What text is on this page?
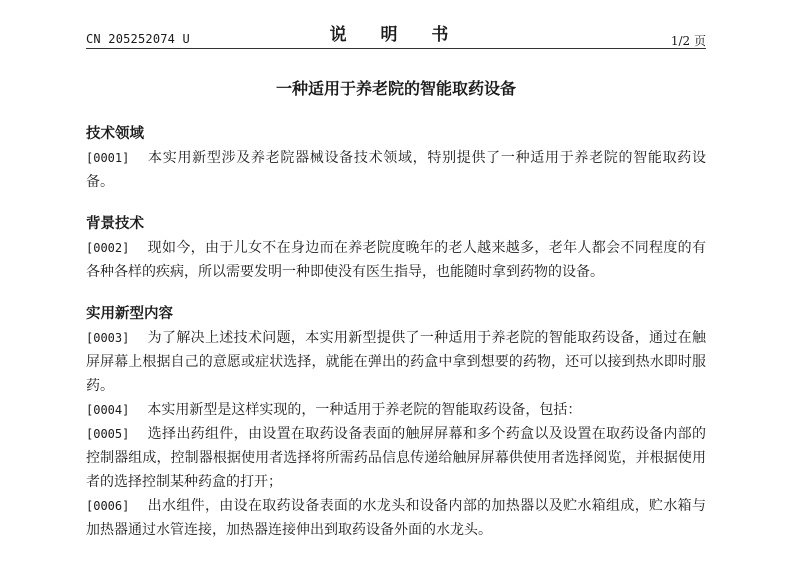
CN 205252074 U	说 明 书	1/2 页
一种适用于养老院的智能取药设备
技术领域

[0001] 本实用新型涉及养老院器械设备技术领域，特别提供了一种适用于养老院的智能取药设备。

背景技术

[0002] 现如今，由于儿女不在身边而在养老院度晚年的老人越来越多，老年人都会不同程度的有各种各样的疾病，所以需要发明一种即使没有医生指导，也能随时拿到药物的设备。

实用新型内容

[0003] 为了解决上述技术问题，本实用新型提供了一种适用于养老院的智能取药设备，通过在触屏屏幕上根据自己的意愿或症状选择，就能在弹出的药盒中拿到想要的药物，还可以接到热水即时服药。

[0004] 本实用新型是这样实现的，一种适用于养老院的智能取药设备，包括：

[0005] 选择出药组件，由设置在取药设备表面的触屏屏幕和多个药盒以及设置在取药设备内部的控制器组成，控制器根据使用者选择将所需药品信息传递给触屏屏幕供使用者选择阅览，并根据使用者的选择控制某种药盒的打开；

[0006] 出水组件，由设在取药设备表面的水龙头和设备内部的加热器以及贮水箱组成，贮水箱与加热器通过水管连接，加热器连接伸出到取药设备外面的水龙头。
